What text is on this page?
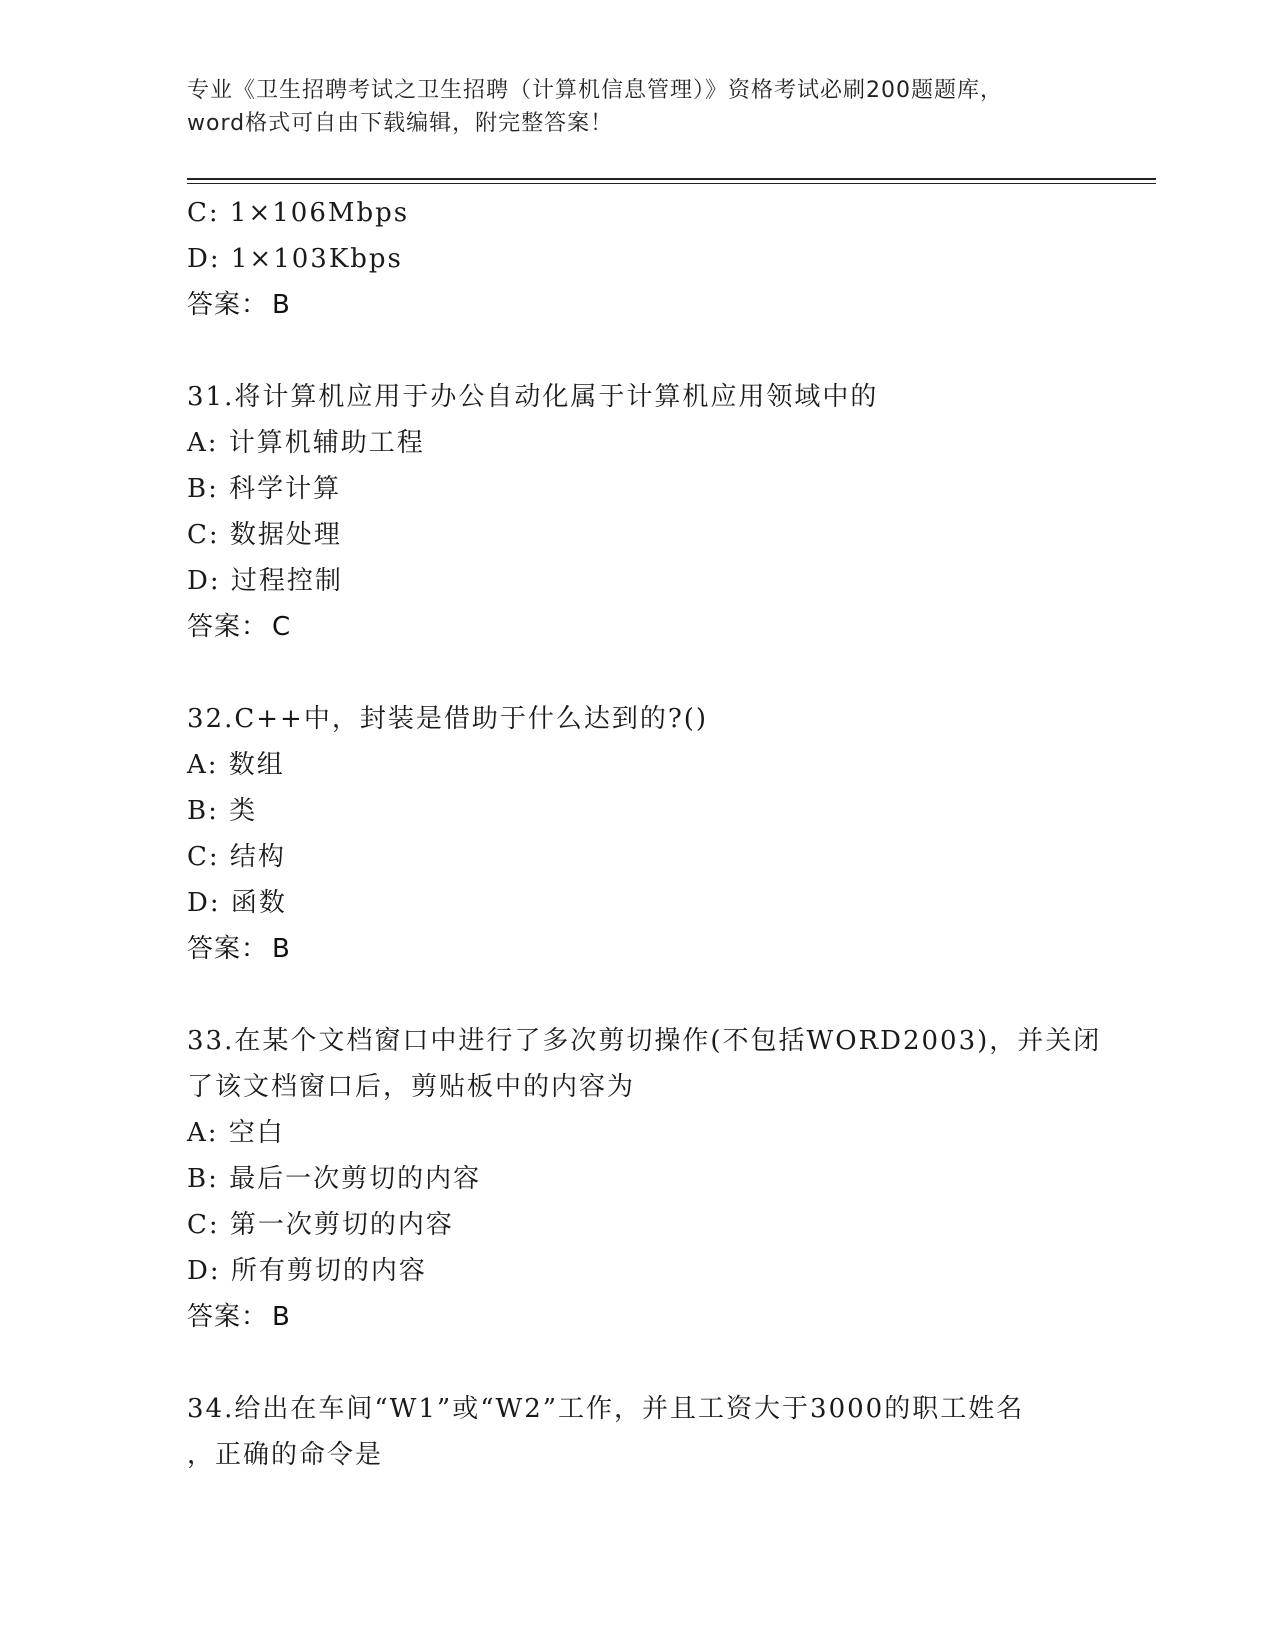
专业《卫生招聘考试之卫生招聘（计算机信息管理）》资格考试必刷200题题库，
word格式可自由下载编辑，附完整答案！
C: 1×106Mbps
D: 1×103Kbps
答案： B
31.将计算机应用于办公自动化属于计算机应用领域中的
A: 计算机辅助工程
B: 科学计算
C: 数据处理
D: 过程控制
答案： C
32.C++中，封装是借助于什么达到的?()
A: 数组
B: 类
C: 结构
D: 函数
答案： B
33.在某个文档窗口中进行了多次剪切操作(不包括WORD2003)，并关闭
了该文档窗口后，剪贴板中的内容为
A: 空白
B: 最后一次剪切的内容
C: 第一次剪切的内容
D: 所有剪切的内容
答案： B
34.给出在车间“W1”或“W2”工作，并且工资大于3000的职工姓名
，正确的命令是
